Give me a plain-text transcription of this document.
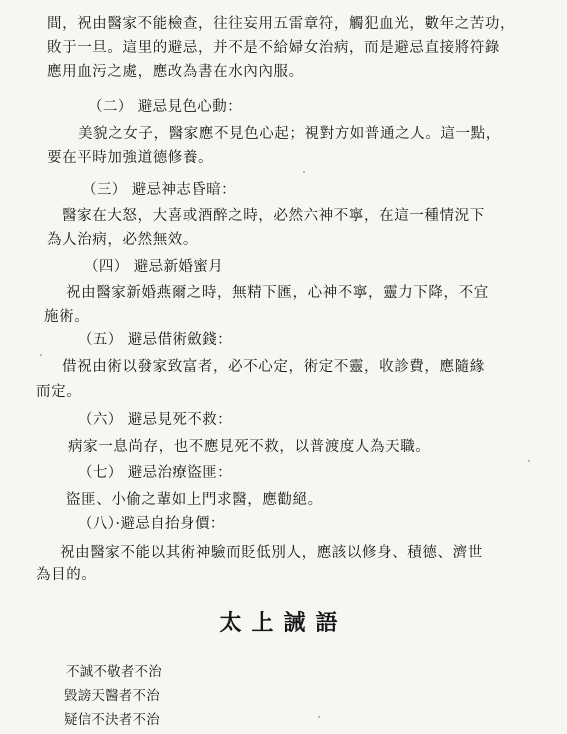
間，祝由醫家不能檢查，往往妄用五雷章符，觸犯血光，數年之苦功，
敗于一旦。這里的避忌，并不是不給婦女治病，而是避忌直接將符錄
應用血污之處，應改為書在水內內服。
（二） 避忌見色心動：
美貌之女子，醫家應不見色心起；視對方如普通之人。這一點，
要在平時加強道德修養。
（三） 避忌神志昏暗：
醫家在大怒，大喜或酒醉之時，必然六神不寧，在這一種情況下
為人治病，必然無效。
（四） 避忌新婚蜜月
祝由醫家新婚燕爾之時，無精下匯，心神不寧，靈力下降，不宜
施術。
（五） 避忌借術斂錢：
借祝由術以發家致富者，必不心定，術定不靈，收診費，應隨緣
而定。
（六） 避忌見死不救：
病家一息尚存，也不應見死不救，以普渡度人為天職。
（七） 避忌治療盜匪：
盜匪、小偷之輩如上門求醫，應勸絕。
（八）·避忌自抬身價：
祝由醫家不能以其術神驗而貶低別人，應該以修身、積德、濟世
為目的。
太上誡語
不誠不敬者不治
毀謗天醫者不治
疑信不決者不治
